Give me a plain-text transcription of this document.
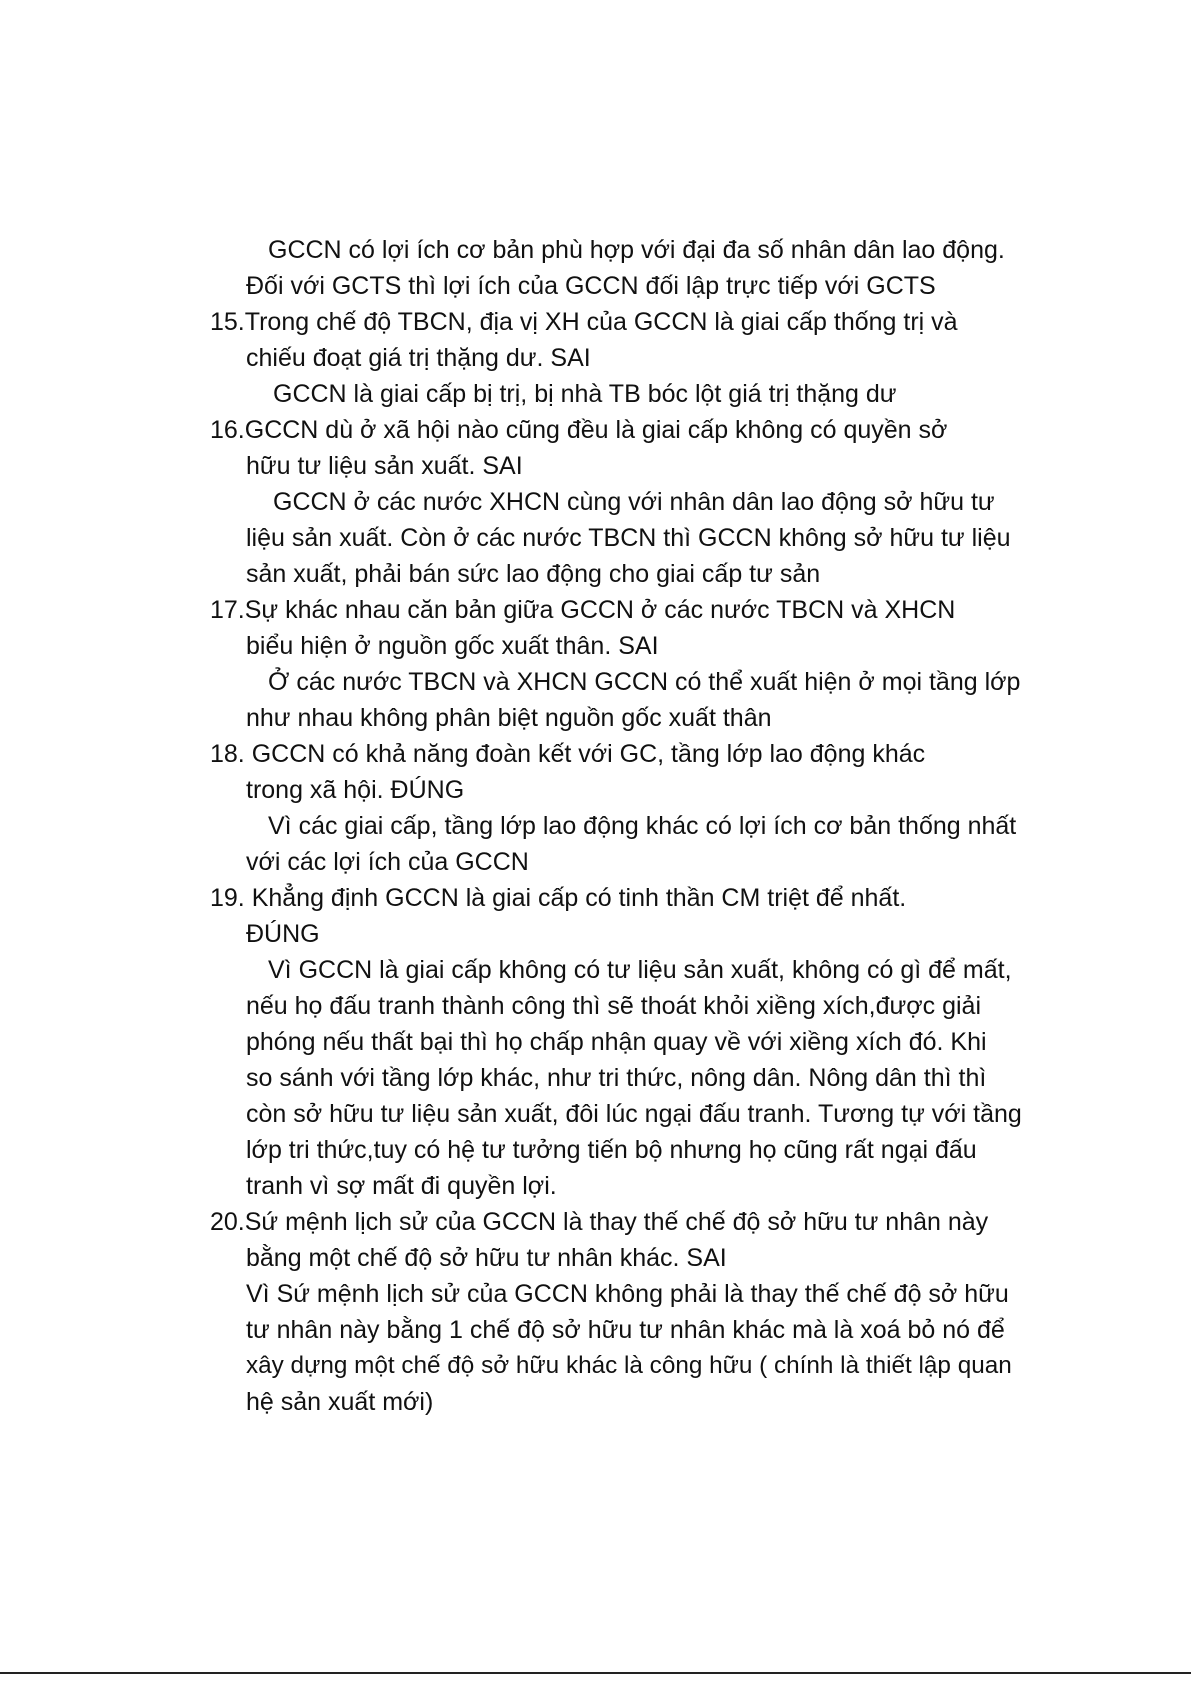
GCCN có lợi ích cơ bản phù hợp với đại đa số nhân dân lao động.
Đối với GCTS thì lợi ích của GCCN đối lập trực tiếp với GCTS
15.Trong chế độ TBCN, địa vị XH của GCCN là giai cấp thống trị và
chiếu đoạt giá trị thặng dư. SAI
GCCN là giai cấp bị trị, bị nhà TB bóc lột giá trị thặng dư
16.GCCN dù ở xã hội nào cũng đều là giai cấp không có quyền sở
hữu tư liệu sản xuất. SAI
GCCN ở các nước XHCN cùng với nhân dân lao động sở hữu tư
liệu sản xuất. Còn ở các nước TBCN thì GCCN không sở hữu tư liệu
sản xuất, phải bán sức lao động cho giai cấp tư sản
17.Sự khác nhau căn bản giữa GCCN ở các nước TBCN và XHCN
biểu hiện ở nguồn gốc xuất thân. SAI
Ở các nước TBCN và XHCN GCCN có thể xuất hiện ở mọi tầng lớp
như nhau không phân biệt nguồn gốc xuất thân
18. GCCN có khả năng đoàn kết với GC, tầng lớp lao động khác
trong xã hội. ĐÚNG
Vì các giai cấp, tầng lớp lao động khác có lợi ích cơ bản thống nhất
với các lợi ích của GCCN
19. Khẳng định GCCN là giai cấp có tinh thần CM triệt để nhất.
ĐÚNG
Vì GCCN là giai cấp không có tư liệu sản xuất, không có gì để mất,
nếu họ đấu tranh thành công thì sẽ thoát khỏi xiềng xích,được giải
phóng nếu thất bại thì họ chấp nhận quay về với xiềng xích đó. Khi
so sánh với tầng lớp khác, như tri thức, nông dân. Nông dân thì thì
còn sở hữu tư liệu sản xuất, đôi lúc ngại đấu tranh. Tương tự với tầng
lớp tri thức,tuy có hệ tư tưởng tiến bộ nhưng họ cũng rất ngại đấu
tranh vì sợ mất đi quyền lợi.
20.Sứ mệnh lịch sử của GCCN là thay thế chế độ sở hữu tư nhân này
bằng một chế độ sở hữu tư nhân khác. SAI
Vì Sứ mệnh lịch sử của GCCN không phải là thay thế chế độ sở hữu
tư nhân này bằng 1 chế độ sở hữu tư nhân khác mà là xoá bỏ nó để
xây dựng một chế độ sở hữu khác là công hữu ( chính là thiết lập quan
hệ sản xuất mới)
